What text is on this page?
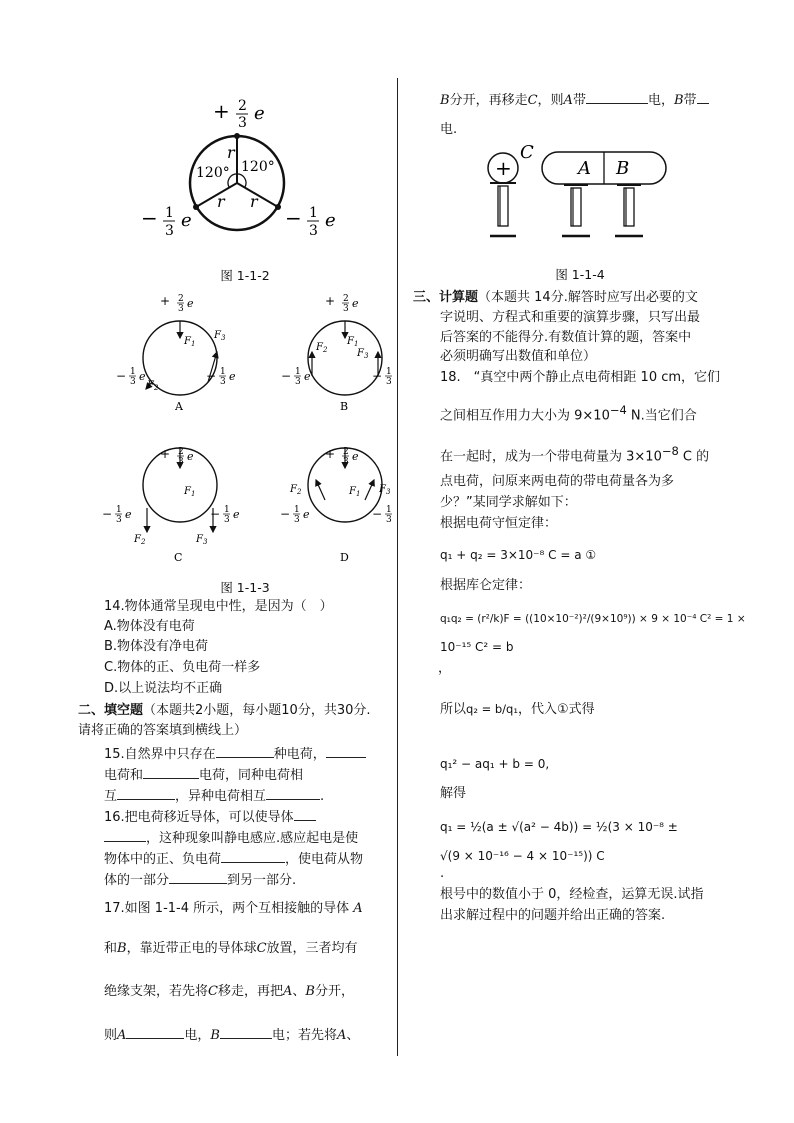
+ 2
3 e
− 1
3 e	− 1
3 e
r
120° 120°
r r
图 1-1-2
+ 2
3 e
$F_1$
$F_3$
$F_2$
− 1
3 e	− 1
3 e
A
+ 2
3 e
$F_1$
$F_2$	$F_3$
− 1
3 e	− 1
3
B
+ 2
3 e
$F_1$
$F_2$	$F_3$
− 1
3 e	− 1
3 e
C
+ 2
3 e
$F_1$
$F_2$	$F_3$
− 1
3 e	− 1
3
D
图 1-1-3
14.物体通常呈现电中性，是因为（　）
A.物体没有电荷
B.物体没有净电荷
C.物体的正、负电荷一样多
D.以上说法均不正确
二、填空题（本题共2小题，每小题10分，共30分.
请将正确的答案填到横线上）
15.自然界中只存在	种电荷，
电荷和	电荷，同种电荷相
互	，异种电荷相互	.
16.把电荷移近导体，可以使导体
，这种现象叫静电感应.感应起电是使
物体中的正、负电荷	，使电荷从物
体的一部分	到另一部分.
17.如图 1-1-4 所示，两个互相接触的导体 A
和B，靠近带正电的导体球C放置，三者均有
绝缘支架，若先将C移走，再把A、B分开，
则A	电，B	电；若先将A、
B分开，再移走C，则A带	电，B带
电.
+
C
A B
图 1-1-4
三、计算题（本题共 14分.解答时应写出必要的文
字说明、方程式和重要的演算步骤，只写出最
后答案的不能得分.有数值计算的题，答案中
必须明确写出数值和单位）
18.　“真空中两个静止点电荷相距 10 cm，它们
之间相互作用力大小为 $9\times 10^{-4}$ N.当它们合
在一起时，成为一个带电荷量为 $3\times 10^{-8}$ C 的
点电荷，问原来两电荷的带电荷量各为多
少？”某同学求解如下：
根据电荷守恒定律：
q₁ + q₂ = 3×10⁻⁸ C = a ①
根据库仑定律：
q₁q₂ = (r²/k)F = ((10×10⁻²)²/(9×10⁹)) × 9 × 10⁻⁴ C² = 1 ×
10⁻¹⁵ C² = b
，
所以q₂ = b/q₁，代入①式得
q₁² − aq₁ + b = 0,
解得
q₁ = ½(a ± √(a² − 4b)) = ½(3 × 10⁻⁸ ±
√(9 × 10⁻¹⁶ − 4 × 10⁻¹⁵)) C
.
根号中的数值小于 0，经检查，运算无误.试指
出求解过程中的问题并给出正确的答案.
